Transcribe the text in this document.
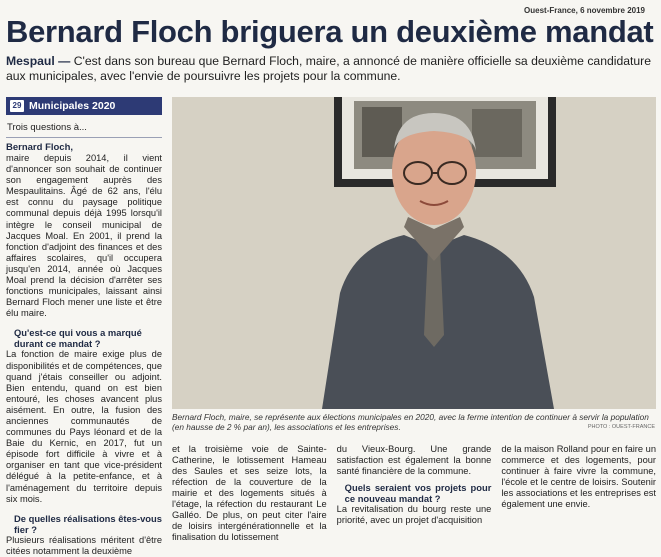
Ouest-France, 6 novembre 2019
Bernard Floch briguera un deuxième mandat
Mespaul — C'est dans son bureau que Bernard Floch, maire, a annoncé de manière officielle sa deuxième candidature aux municipales, avec l'envie de poursuivre les projets pour la commune.
29 Municipales 2020
Trois questions à...
Bernard Floch,

maire depuis 2014, il vient d'annoncer son souhait de continuer son engagement auprès des Mespaulitains. Âgé de 62 ans, l'élu est connu du paysage politique communal depuis déjà 1995 lorsqu'il intègre le conseil municipal de Jacques Moal. En 2001, il prend la fonction d'adjoint des finances et des affaires scolaires, qu'il occupera jusqu'en 2014, année où Jacques Moal prend la décision d'arrêter ses fonctions municipales, laissant ainsi Bernard Floch mener une liste et être élu maire.

Qu'est-ce qui vous a marqué durant ce mandat ?

La fonction de maire exige plus de disponibilités et de compétences, que quand j'étais conseiller ou adjoint. Bien entendu, quand on est bien entouré, les choses avancent plus aisément. En outre, la fusion des anciennes communautés de communes du Pays léonard et de la Baie du Kernic, en 2017, fut un épisode fort difficile à vivre et à organiser en tant que vice-président délégué à la petite-enfance, et à l'aménagement du territoire depuis six mois.

De quelles réalisations êtes-vous fier ?

Plusieurs réalisations méritent d'être citées notamment la deuxième

Bernard Floch, maire, se représente aux élections municipales en 2020, avec la ferme intention de continuer à servir la population (en hausse de 2 % par an), les associations et les entreprises.	PHOTO : OUEST-FRANCE
et la troisième voie de Sainte-Catherine, le lotissement Hameau des Saules et ses seize lots, la réfection de la couverture de la mairie et des logements situés à l'étage, la réfection du restaurant Le Galléo. De plus, on peut citer l'aire de loisirs intergénérationnelle et la finalisation du lotissement
du Vieux-Bourg. Une grande satisfaction est également la bonne santé financière de la commune.
Quels seraient vos projets pour ce nouveau mandat ?
La revitalisation du bourg reste une priorité, avec un projet d'acquisition
de la maison Rolland pour en faire un commerce et des logements, pour continuer à faire vivre la commune, l'école et le centre de loisirs. Soutenir les associations et les entreprises est également une envie.
